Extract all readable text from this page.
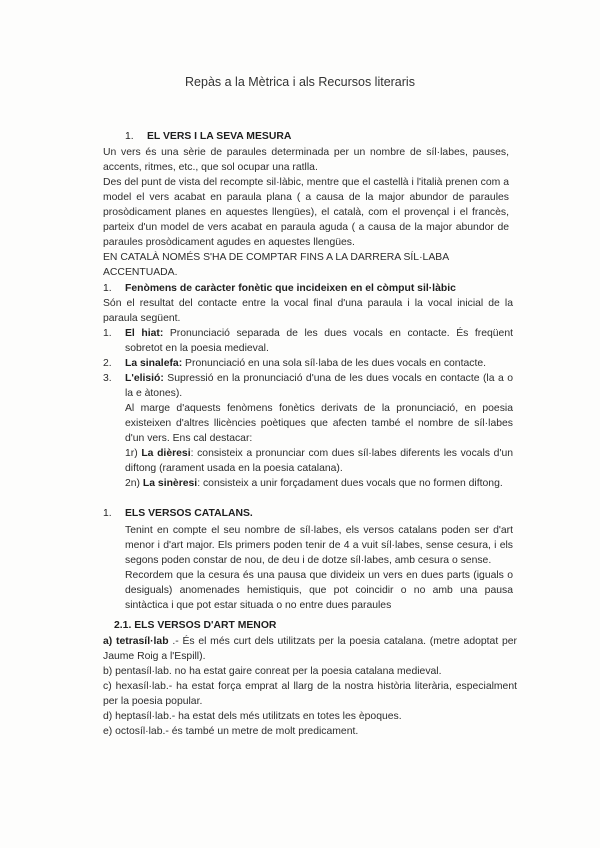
Repàs a la Mètrica i als Recursos literaris
1. EL VERS I LA SEVA MESURA

Un vers és una sèrie de paraules determinada per un nombre de síl·labes, pauses, accents, ritmes, etc., que sol ocupar una ratlla.

Des del punt de vista del recompte sil·làbic, mentre que el castellà i l'italià prenen com a model el vers acabat en paraula plana ( a causa de la major abundor de paraules prosòdicament planes en aquestes llengües), el català, com el provençal i el francès, parteix d'un model de vers acabat en paraula aguda ( a causa de la major abundor de paraules prosòdicament agudes en aquestes llengües.

EN CATALÀ NOMÉS S'HA DE COMPTAR FINS A LA DARRERA SÍL·LABA ACCENTUADA.

1. Fenòmens de caràcter fonètic que incideixen en el còmput sil·làbic

Són el resultat del contacte entre la vocal final d'una paraula i la vocal inicial de la paraula següent.

1. El hiat: Pronunciació separada de les dues vocals en contacte. És freqüent sobretot en la poesia medieval.
2. La sinalefa: Pronunciació en una sola síl·laba de les dues vocals en contacte.
3. L'elisió: Supressió en la pronunciació d'una de les dues vocals en contacte (la a o la e àtones).

Al marge d'aquests fenòmens fonètics derivats de la pronunciació, en poesia existeixen d'altres llicències poètiques que afecten també el nombre de síl·labes d'un vers. Ens cal destacar:

1r) La dièresi: consisteix a pronunciar com dues síl·labes diferents les vocals d'un diftong (rarament usada en la poesia catalana).

2n) La sinèresi: consisteix a unir forçadament dues vocals que no formen diftong.

1. ELS VERSOS CATALANS.

Tenint en compte el seu nombre de síl·labes, els versos catalans poden ser d'art menor i d'art major. Els primers poden tenir de 4 a vuit síl·labes, sense cesura, i els segons poden constar de nou, de deu i de dotze síl·labes, amb cesura o sense.

Recordem que la cesura és una pausa que divideix un vers en dues parts (iguals o desiguals) anomenades hemistiquis, que pot coincidir o no amb una pausa sintàctica i que pot estar situada o no entre dues paraules

2.1. ELS VERSOS D'ART MENOR

a) tetrasíl·lab .- És el més curt dels utilitzats per la poesia catalana. (metre adoptat per Jaume Roig a l'Espill).

b) pentasíl·lab. no ha estat gaire conreat per la poesia catalana medieval.

c) hexasíl·lab.- ha estat força emprat al llarg de la nostra història literària, especialment per la poesia popular.

d) heptasíl·lab.- ha estat dels més utilitzats en totes les èpoques.

e) octosíl·lab.- és també un metre de molt predicament.
